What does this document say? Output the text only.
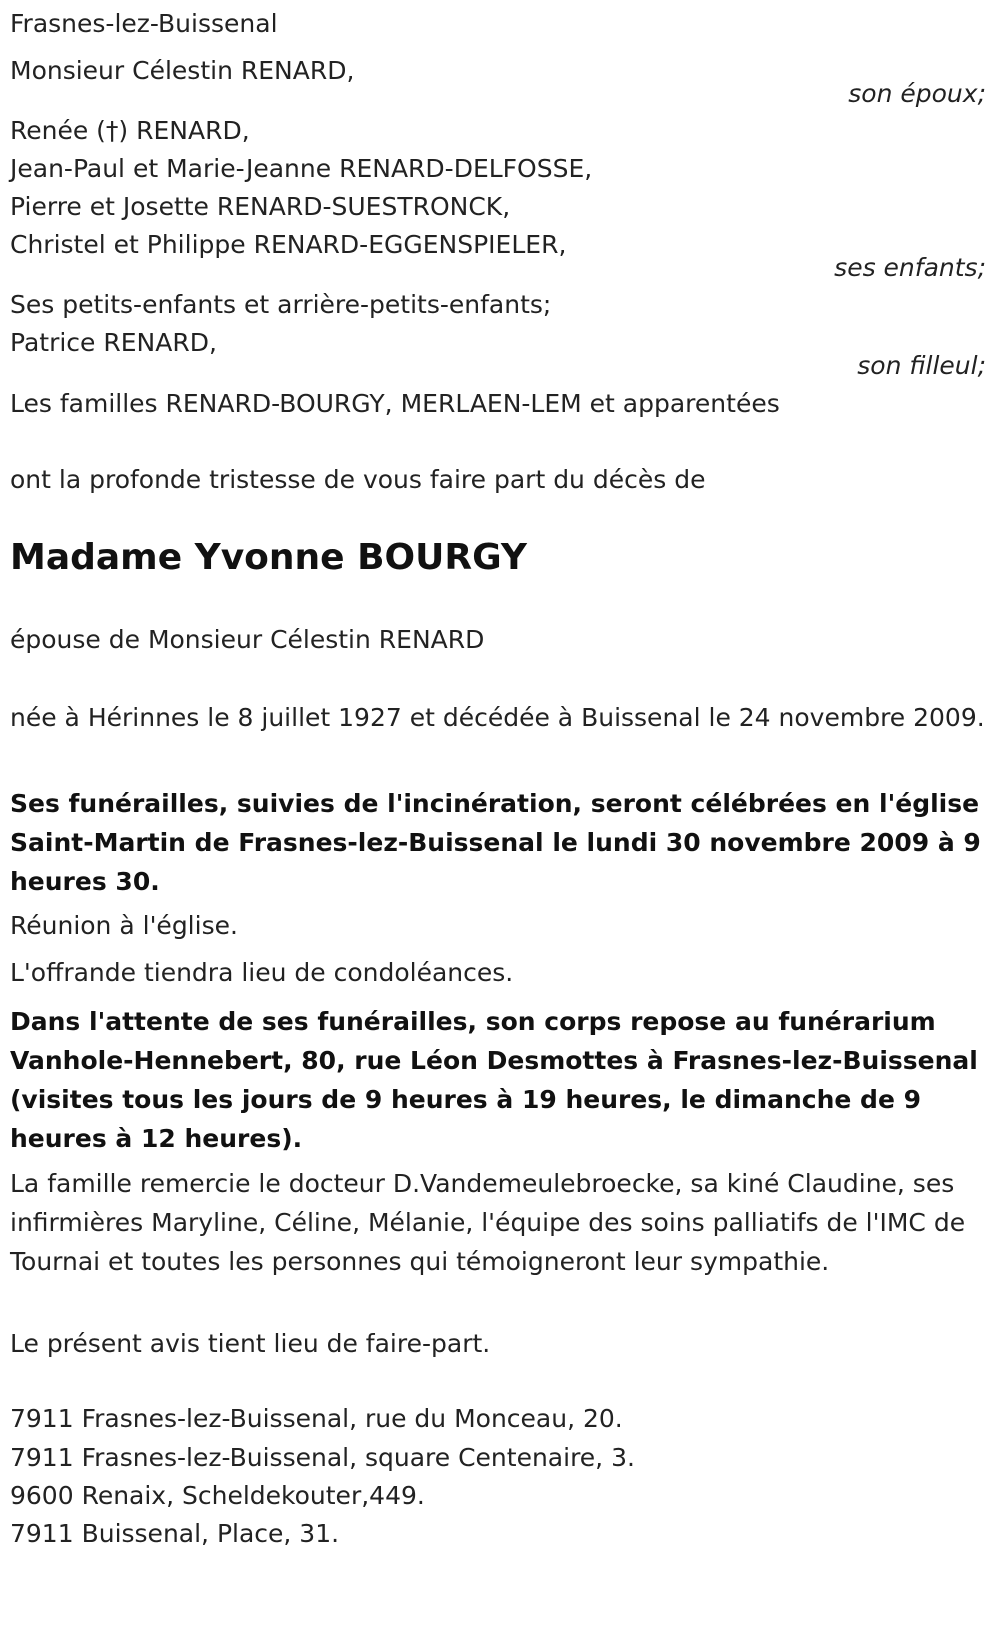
Frasnes-lez-Buissenal
Monsieur Célestin RENARD,
son époux;
Renée (†) RENARD,
Jean-Paul et Marie-Jeanne RENARD-DELFOSSE,
Pierre et Josette RENARD-SUESTRONCK,
Christel et Philippe RENARD-EGGENSPIELER,
ses enfants;
Ses petits-enfants et arrière-petits-enfants;
Patrice RENARD,
son filleul;
Les familles RENARD-BOURGY, MERLAEN-LEM et apparentées
ont la profonde tristesse de vous faire part du décès de
Madame Yvonne BOURGY
épouse de Monsieur Célestin RENARD
née à Hérinnes le 8 juillet 1927 et décédée à Buissenal le 24 novembre 2009.
Ses funérailles, suivies de l'incinération, seront célébrées en l'église Saint-Martin de Frasnes-lez-Buissenal le lundi 30 novembre 2009 à 9 heures 30.
Réunion à l'église.
L'offrande tiendra lieu de condoléances.
Dans l'attente de ses funérailles, son corps repose au funérarium Vanhole-Hennebert, 80, rue Léon Desmottes à Frasnes-lez-Buissenal (visites tous les jours de 9 heures à 19 heures, le dimanche de 9 heures à 12 heures).
La famille remercie le docteur D.Vandemeulebroecke, sa kiné Claudine, ses infirmières Maryline, Céline, Mélanie, l'équipe des soins palliatifs de l'IMC de Tournai et toutes les personnes qui témoigneront leur sympathie.
Le présent avis tient lieu de faire-part.
7911 Frasnes-lez-Buissenal, rue du Monceau, 20.
7911 Frasnes-lez-Buissenal, square Centenaire, 3.
9600 Renaix, Scheldekouter,449.
7911 Buissenal, Place, 31.
